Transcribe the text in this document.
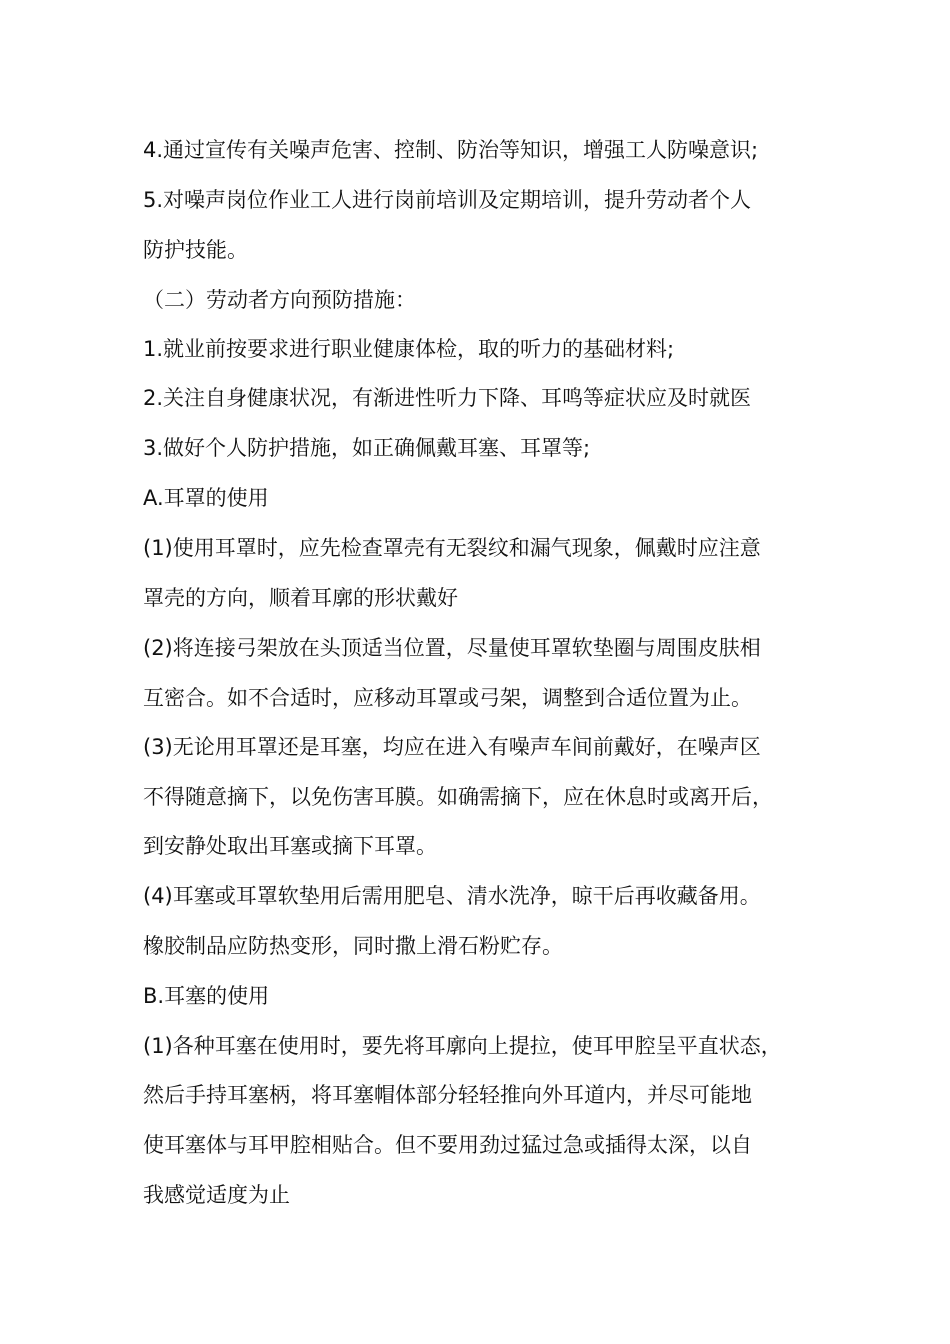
4.通过宣传有关噪声危害、控制、防治等知识，增强工人防噪意识;
5.对噪声岗位作业工人进行岗前培训及定期培训，提升劳动者个人
防护技能。
（二）劳动者方向预防措施：
1.就业前按要求进行职业健康体检，取的听力的基础材料;
2.关注自身健康状况，有渐进性听力下降、耳鸣等症状应及时就医
3.做好个人防护措施，如正确佩戴耳塞、耳罩等;
A.耳罩的使用
(1)使用耳罩时，应先检查罩壳有无裂纹和漏气现象，佩戴时应注意
罩壳的方向，顺着耳廓的形状戴好
(2)将连接弓架放在头顶适当位置，尽量使耳罩软垫圈与周围皮肤相
互密合。如不合适时，应移动耳罩或弓架，调整到合适位置为止。
(3)无论用耳罩还是耳塞，均应在进入有噪声车间前戴好，在噪声区
不得随意摘下，以免伤害耳膜。如确需摘下，应在休息时或离开后，
到安静处取出耳塞或摘下耳罩。
(4)耳塞或耳罩软垫用后需用肥皂、清水洗净，晾干后再收藏备用。
橡胶制品应防热变形，同时撒上滑石粉贮存。
B.耳塞的使用
(1)各种耳塞在使用时，要先将耳廓向上提拉，使耳甲腔呈平直状态，
然后手持耳塞柄，将耳塞帽体部分轻轻推向外耳道内，并尽可能地
使耳塞体与耳甲腔相贴合。但不要用劲过猛过急或插得太深，以自
我感觉适度为止
